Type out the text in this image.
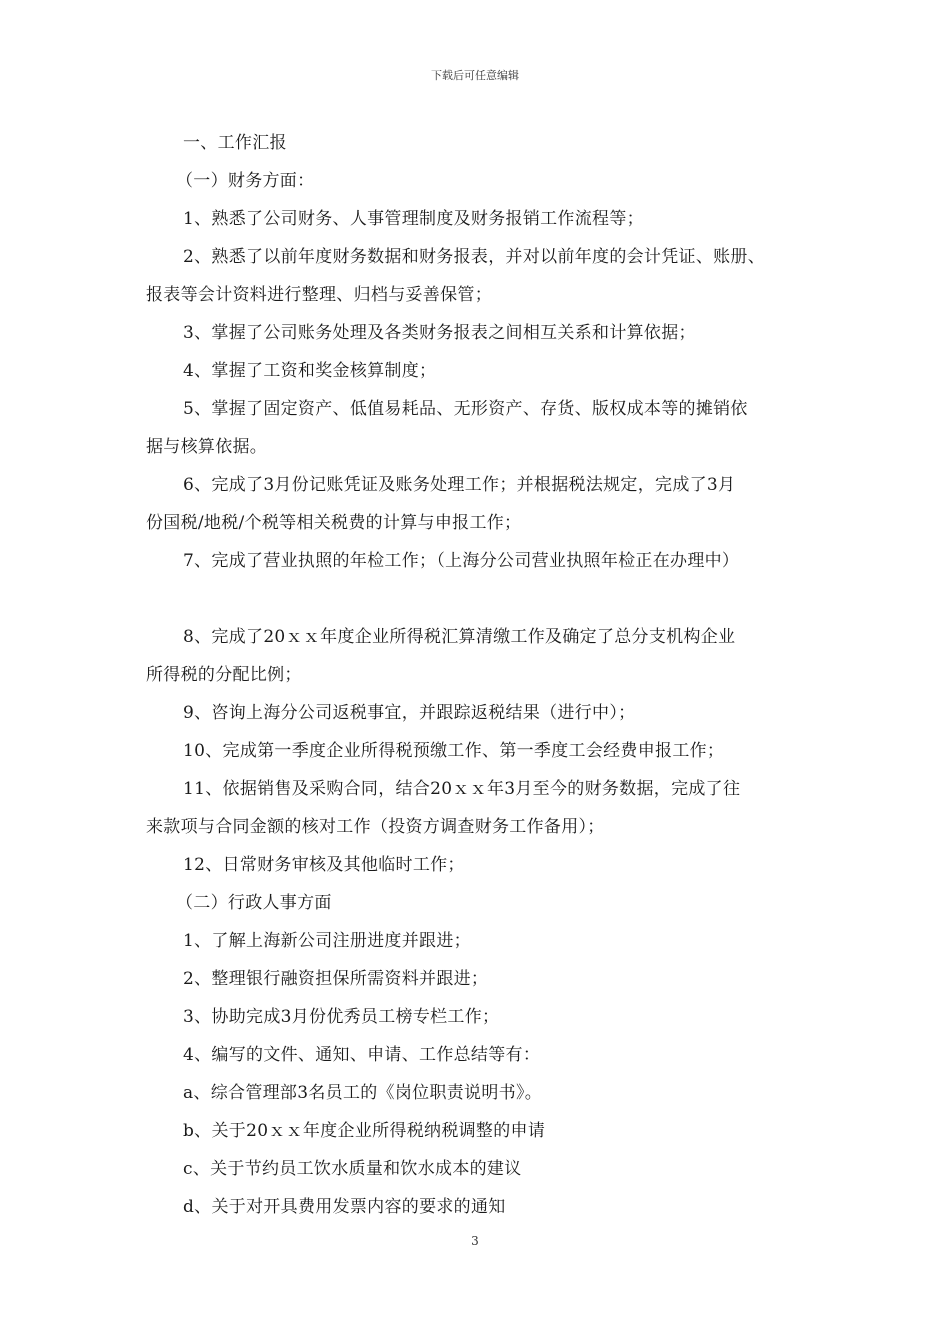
下载后可任意编辑
一、工作汇报
（一）财务方面：
1、熟悉了公司财务、人事管理制度及财务报销工作流程等；
2、熟悉了以前年度财务数据和财务报表，并对以前年度的会计凭证、账册、
报表等会计资料进行整理、归档与妥善保管；
3、掌握了公司账务处理及各类财务报表之间相互关系和计算依据；
4、掌握了工资和奖金核算制度；
5、掌握了固定资产、低值易耗品、无形资产、存货、版权成本等的摊销依
据与核算依据。
6、完成了3月份记账凭证及账务处理工作；并根据税法规定，完成了3月
份国税/地税/个税等相关税费的计算与申报工作；
7、完成了营业执照的年检工作；（上海分公司营业执照年检正在办理中）
8、完成了20ｘｘ年度企业所得税汇算清缴工作及确定了总分支机构企业
所得税的分配比例；
9、咨询上海分公司返税事宜，并跟踪返税结果（进行中）；
10、完成第一季度企业所得税预缴工作、第一季度工会经费申报工作；
11、依据销售及采购合同，结合20ｘｘ年3月至今的财务数据，完成了往
来款项与合同金额的核对工作（投资方调查财务工作备用）；
12、日常财务审核及其他临时工作；
（二）行政人事方面
1、了解上海新公司注册进度并跟进；
2、整理银行融资担保所需资料并跟进；
3、协助完成3月份优秀员工榜专栏工作；
4、编写的文件、通知、申请、工作总结等有：
a、综合管理部3名员工的《岗位职责说明书》。
b、关于20ｘｘ年度企业所得税纳税调整的申请
c、关于节约员工饮水质量和饮水成本的建议
d、关于对开具费用发票内容的要求的通知
3
